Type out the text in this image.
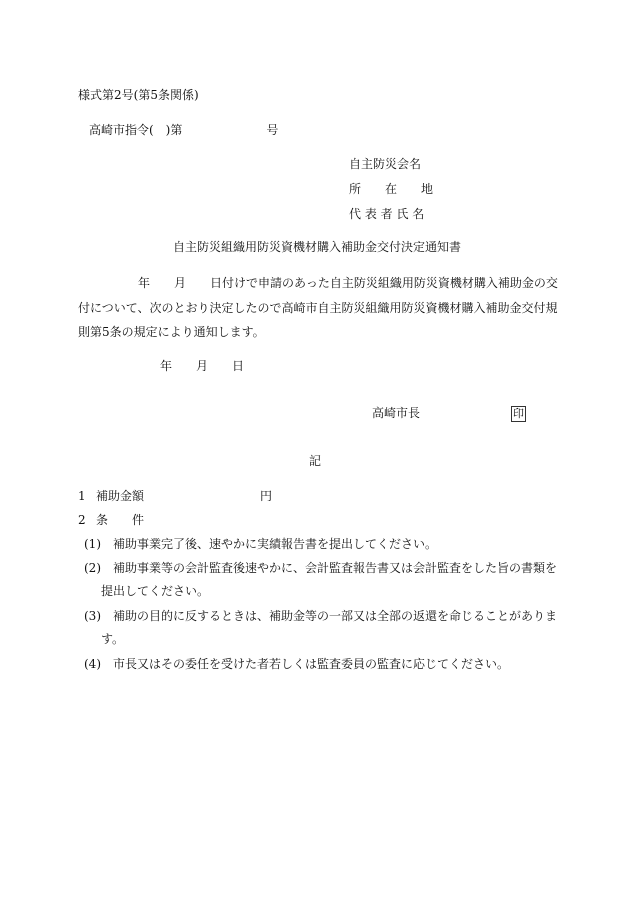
様式第2号(第5条関係)
高崎市指令(　)第　　　　　　　号
自主防災会名
所　　在　　地
代 表 者 氏 名
自主防災組織用防災資機材購入補助金交付決定通知書
　　　　　年　　月　　日付けで申請のあった自主防災組織用防災資機材購入補助金の交
付について、次のとおり決定したので高崎市自主防災組織用防災資機材購入補助金交付規
則第5条の規定により通知します。
年　　月　　日
高崎市長	印
記
1 補助金額	円
2 条　　件
(1) 補助事業完了後、速やかに実績報告書を提出してください。
(2) 補助事業等の会計監査後速やかに、会計監査報告書又は会計監査をした旨の書類を
提出してください。
(3) 補助の目的に反するときは、補助金等の一部又は全部の返還を命じることがありま
す。
(4) 市長又はその委任を受けた者若しくは監査委員の監査に応じてください。
